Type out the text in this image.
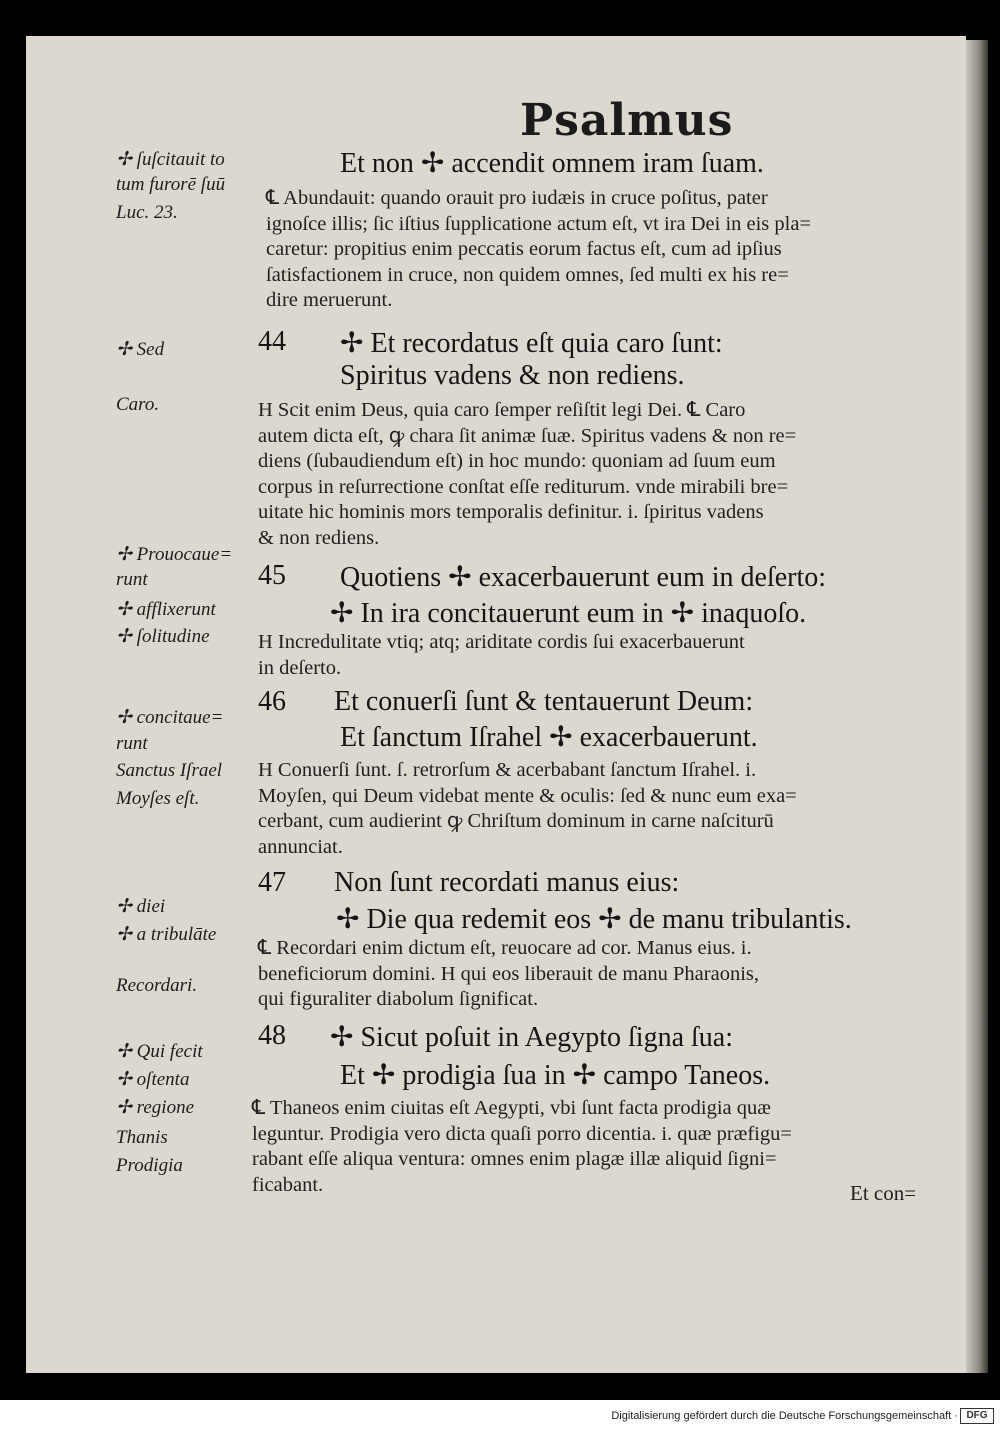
Psalmus
✢ ſuſcitauit to
tum furorē ſuū
Luc. 23.
✢ Sed
Caro.
✢ Prouocaue=
runt
✢ afflixerunt
✢ ſolitudine
✢ concitaue=
runt
Sanctus Iſrael
Moyſes eſt.
✢ diei
✢ a tribulāte
Recordari.
✢ Qui fecit
✢ oſtenta
✢ regione
Thanis
Prodigia
44
45
46
47
48
Et non ✢ accendit omnem iram ſuam.
✢ Et recordatus eſt quia caro ſunt:
Spiritus vadens & non rediens.
Quotiens ✢ exacerbauerunt eum in deſerto:
✢ In ira concitauerunt eum in ✢ inaquoſo.
Et conuerſi ſunt & tentauerunt Deum:
Et ſanctum Iſrahel ✢ exacerbauerunt.
Non ſunt recordati manus eius:
✢ Die qua redemit eos ✢ de manu tribulantis.
✢ Sicut poſuit in Aegypto ſigna ſua:
Et ✢ prodigia ſua in ✢ campo Taneos.
℄ Abundauit: quando orauit pro iudæis in cruce poſitus, pater
ignoſce illis; ſic iſtius ſupplicatione actum eſt, vt ira Dei in eis pla=
caretur: propitius enim peccatis eorum factus eſt, cum ad ipſius
ſatisfactionem in cruce, non quidem omnes, ſed multi ex his re=
dire meruerunt.
H Scit enim Deus, quia caro ſemper reſiſtit legi Dei. ℄ Caro
autem dicta eſt, ꝙ chara ſit animæ ſuæ. Spiritus vadens & non re=
diens (ſubaudiendum eſt) in hoc mundo: quoniam ad ſuum eum
corpus in reſurrectione conſtat eſſe rediturum. vnde mirabili bre=
uitate hic hominis mors temporalis definitur. i. ſpiritus vadens
& non rediens.
H Incredulitate vtiq; atq; ariditate cordis ſui exacerbauerunt
in deſerto.
H Conuerſi ſunt. ſ. retrorſum & acerbabant ſanctum Iſrahel. i.
Moyſen, qui Deum videbat mente & oculis: ſed & nunc eum exa=
cerbant, cum audierint ꝙ Chriſtum dominum in carne naſciturū
annunciat.
℄ Recordari enim dictum eſt, reuocare ad cor. Manus eius. i.
beneficiorum domini. H qui eos liberauit de manu Pharaonis,
qui figuraliter diabolum ſignificat.
℄ Thaneos enim ciuitas eſt Aegypti, vbi ſunt facta prodigia quæ
leguntur. Prodigia vero dicta quaſi porro dicentia. i. quæ præfigu=
rabant eſſe aliqua ventura: omnes enim plagæ illæ aliquid ſigni=
ficabant.	Et con=
Digitalisierung gefördert durch die Deutsche Forschungsgemeinschaft · DFG
